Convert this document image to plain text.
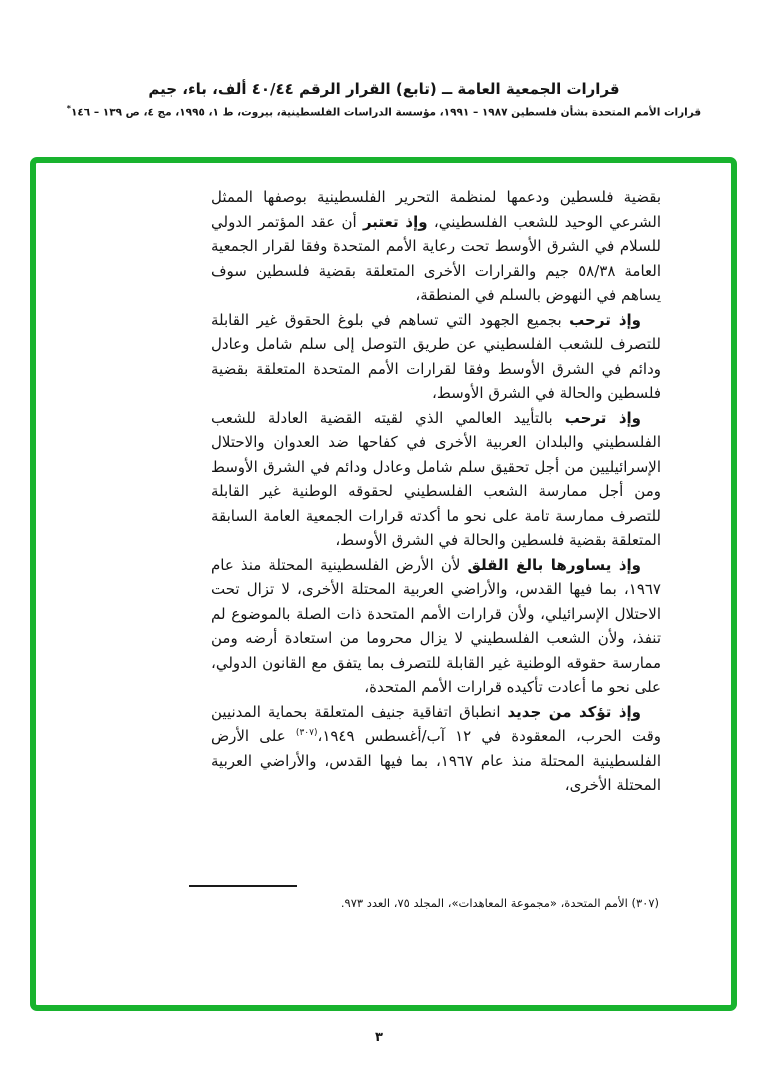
قرارات الجمعية العامة ــ (تابع) القرار الرقم ٤٠/٤٤ ألف، باء، جيم
قرارات الأمم المتحدة بشأن فلسطين ١٩٨٧ – ١٩٩١، مؤسسة الدراسات الفلسطينية، بيروت، ط ١، ١٩٩٥، مج ٤، ص ١٣٩ – ١٤٦*

بقضية فلسطين ودعمها لمنظمة التحرير الفلسطينية بوصفها الممثل الشرعي الوحيد للشعب الفلسطيني، وإذ تعتبر أن عقد المؤتمر الدولي للسلام في الشرق الأوسط تحت رعاية الأمم المتحدة وفقا لقرار الجمعية العامة ٥٨/٣٨ جيم والقرارات الأخرى المتعلقة بقضية فلسطين سوف يساهم في النهوض بالسلم في المنطقة،

وإذ ترحب بجميع الجهود التي تساهم في بلوغ الحقوق غير القابلة للتصرف للشعب الفلسطيني عن طريق التوصل إلى سلم شامل وعادل ودائم في الشرق الأوسط وفقا لقرارات الأمم المتحدة المتعلقة بقضية فلسطين والحالة في الشرق الأوسط،

وإذ ترحب بالتأييد العالمي الذي لقيته القضية العادلة للشعب الفلسطيني والبلدان العربية الأخرى في كفاحها ضد العدوان والاحتلال الإسرائيليين من أجل تحقيق سلم شامل وعادل ودائم في الشرق الأوسط ومن أجل ممارسة الشعب الفلسطيني لحقوقه الوطنية غير القابلة للتصرف ممارسة تامة على نحو ما أكدته قرارات الجمعية العامة السابقة المتعلقة بقضية فلسطين والحالة في الشرق الأوسط،

وإذ يساورها بالغ القلق لأن الأرض الفلسطينية المحتلة منذ عام ١٩٦٧، بما فيها القدس، والأراضي العربية المحتلة الأخرى، لا تزال تحت الاحتلال الإسرائيلي، ولأن قرارات الأمم المتحدة ذات الصلة بالموضوع لم تنفذ، ولأن الشعب الفلسطيني لا يزال محروما من استعادة أرضه ومن ممارسة حقوقه الوطنية غير القابلة للتصرف بما يتفق مع القانون الدولي، على نحو ما أعادت تأكيده قرارات الأمم المتحدة،

وإذ تؤكد من جديد انطباق اتفاقية جنيف المتعلقة بحماية المدنيين وقت الحرب، المعقودة في ١٢ آب/أغسطس ١٩٤٩،$^{(٣٠٧)}$ على الأرض الفلسطينية المحتلة منذ عام ١٩٦٧، بما فيها القدس، والأراضي العربية المحتلة الأخرى،

(٣٠٧) الأمم المتحدة، «مجموعة المعاهدات»، المجلد ٧٥، العدد ٩٧٣.
٣
